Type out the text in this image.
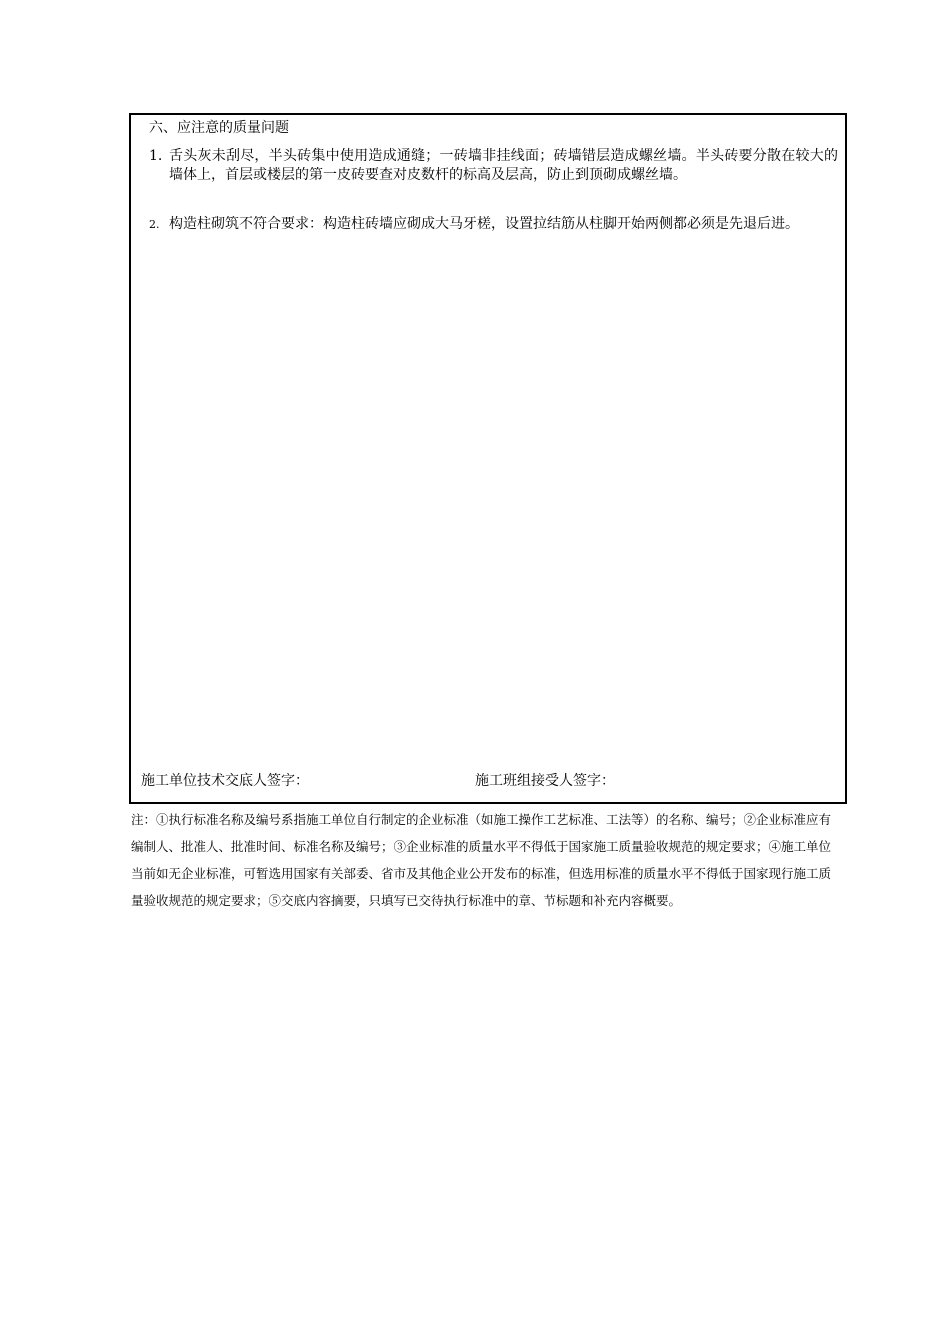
六、应注意的质量问题
1. 舌头灰未刮尽，半头砖集中使用造成通缝；一砖墙非挂线面；砖墙错层造成螺丝墙。半头砖要分散在较大的墙体上，首层或楼层的第一皮砖要查对皮数杆的标高及层高，防止到顶砌成螺丝墙。
2. 构造柱砌筑不符合要求：构造柱砖墙应砌成大马牙槎，设置拉结筋从柱脚开始两侧都必须是先退后进。
施工单位技术交底人签字：	施工班组接受人签字：
注：①执行标准名称及编号系指施工单位自行制定的企业标准（如施工操作工艺标准、工法等）的名称、编号；②企业标准应有编制人、批准人、批准时间、标准名称及编号；③企业标准的质量水平不得低于国家施工质量验收规范的规定要求；④施工单位当前如无企业标准，可暂选用国家有关部委、省市及其他企业公开发布的标准，但选用标准的质量水平不得低于国家现行施工质量验收规范的规定要求；⑤交底内容摘要，只填写已交待执行标准中的章、节标题和补充内容概要。
